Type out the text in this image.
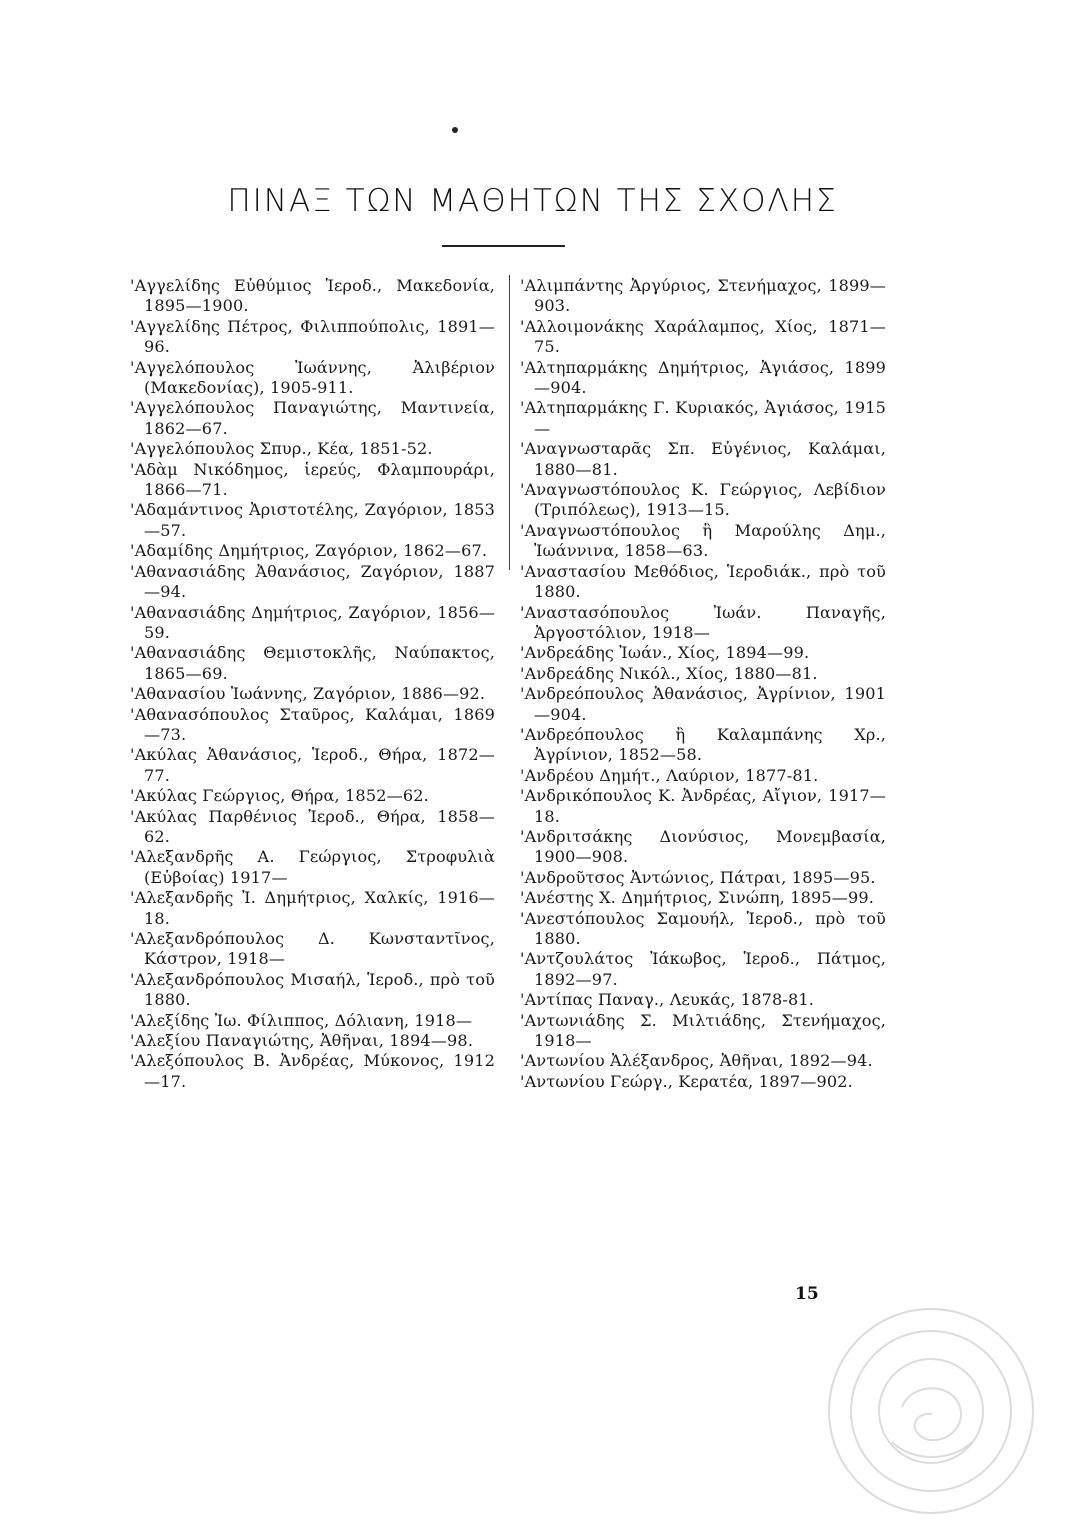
ΠΙΝΑΞ ΤΩΝ ΜΑΘΗΤΩΝ ΤΗΣ ΣΧΟΛΗΣ
'Αγγελίδης Εὐθύμιος Ἱεροδ., Μακεδονία, 1895—1900.
'Αγγελίδης Πέτρος, Φιλιππούπολις, 1891—96.
'Αγγελόπουλος Ἰωάννης, Ἀλιβέριον (Μακεδονίας), 1905-911.
'Αγγελόπουλος Παναγιώτης, Μαντινεία, 1862—67.
'Αγγελόπουλος Σπυρ., Κέα, 1851-52.
'Αδὰμ Νικόδημος, ἱερεύς, Φλαμπουράρι, 1866—71.
'Αδαμάντινος Ἀριστοτέλης, Ζαγόριον, 1853—57.
'Αδαμίδης Δημήτριος, Ζαγόριον, 1862—67.
'Αθανασιάδης Ἀθανάσιος, Ζαγόριον, 1887—94.
'Αθανασιάδης Δημήτριος, Ζαγόριον, 1856—59.
'Αθανασιάδης Θεμιστοκλῆς, Ναύπακτος, 1865—69.
'Αθανασίου Ἰωάννης, Ζαγόριον, 1886—92.
'Αθανασόπουλος Σταῦρος, Καλάμαι, 1869—73.
'Ακύλας Ἀθανάσιος, Ἱεροδ., Θήρα, 1872—77.
'Ακύλας Γεώργιος, Θήρα, 1852—62.
'Ακύλας Παρθένιος Ἱεροδ., Θήρα, 1858—62.
'Αλεξανδρῆς Α. Γεώργιος, Στροφυλιὰ (Εὐβοίας) 1917—
'Αλεξανδρῆς Ἰ. Δημήτριος, Χαλκίς, 1916—18.
'Αλεξανδρόπουλος Δ. Κωνσταντῖνος, Κάστρον, 1918—
'Αλεξανδρόπουλος Μισαήλ, Ἱεροδ., πρὸ τοῦ 1880.
'Αλεξίδης Ἰω. Φίλιππος, Δόλιανη, 1918—
'Αλεξίου Παναγιώτης, Ἀθῆναι, 1894—98.
'Αλεξόπουλος Β. Ἀνδρέας, Μύκονος, 1912—17.
'Αλιμπάντης Ἀργύριος, Στενήμαχος, 1899—903.
'Αλλοιμονάκης Χαράλαμπος, Χίος, 1871—75.
'Αλτηπαρμάκης Δημήτριος, Ἀγιάσος, 1899—904.
'Αλτηπαρμάκης Γ. Κυριακός, Ἀγιάσος, 1915—
'Αναγνωσταρᾶς Σπ. Εὐγένιος, Καλάμαι, 1880—81.
'Αναγνωστόπουλος Κ. Γεώργιος, Λεβίδιον (Τριπόλεως), 1913—15.
'Αναγνωστόπουλος ἢ Μαρούλης Δημ., Ἰωάννινα, 1858—63.
'Αναστασίου Μεθόδιος, Ἱεροδιάκ., πρὸ τοῦ 1880.
'Αναστασόπουλος Ἰωάν. Παναγῆς, Ἀργοστόλιον, 1918—
'Ανδρεάδης Ἰωάν., Χίος, 1894—99.
'Ανδρεάδης Νικόλ., Χίος, 1880—81.
'Ανδρεόπουλος Ἀθανάσιος, Ἀγρίνιον, 1901—904.
'Ανδρεόπουλος ἢ Καλαμπάνης Χρ., Ἀγρίνιον, 1852—58.
'Ανδρέου Δημήτ., Λαύριον, 1877-81.
'Ανδρικόπουλος Κ. Ἀνδρέας, Αἴγιον, 1917—18.
'Ανδριτσάκης Διονύσιος, Μονεμβασία, 1900—908.
'Ανδροῦτσος Ἀντώνιος, Πάτραι, 1895—95.
'Ανέστης Χ. Δημήτριος, Σινώπη, 1895—99.
'Ανεστόπουλος Σαμουήλ, Ἱεροδ., πρὸ τοῦ 1880.
'Αντζουλάτος Ἰάκωβος, Ἱεροδ., Πάτμος, 1892—97.
'Αντίπας Παναγ., Λευκάς, 1878-81.
'Αντωνιάδης Σ. Μιλτιάδης, Στενήμαχος, 1918—
'Αντωνίου Ἀλέξανδρος, Ἀθῆναι, 1892—94.
'Αντωνίου Γεώργ., Κερατέα, 1897—902.
15
